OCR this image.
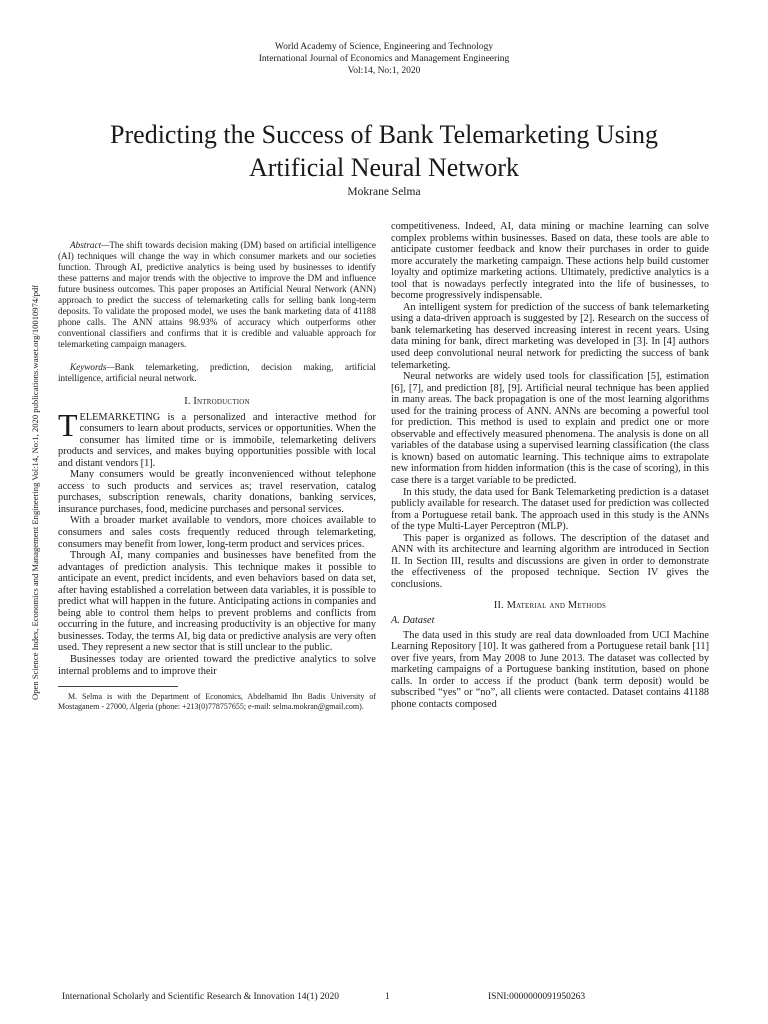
World Academy of Science, Engineering and Technology
International Journal of Economics and Management Engineering
Vol:14, No:1, 2020
Predicting the Success of Bank Telemarketing Using
Artificial Neural Network
Mokrane Selma
Open Science Index, Economics and Management Engineering Vol:14, No:1, 2020 publications.waset.org/10010974/pdf

Abstract—The shift towards decision making (DM) based on artificial intelligence (AI) techniques will change the way in which consumer markets and our societies function. Through AI, predictive analytics is being used by businesses to identify these patterns and major trends with the objective to improve the DM and influence future business outcomes. This paper proposes an Artificial Neural Network (ANN) approach to predict the success of telemarketing calls for selling bank long-term deposits. To validate the proposed model, we uses the bank marketing data of 41188 phone calls. The ANN attains 98.93% of accuracy which outperforms other conventional classifiers and confirms that it is credible and valuable approach for telemarketing campaign managers.

Keywords—Bank telemarketing, prediction, decision making, artificial intelligence, artificial neural network.

I. Introduction

TELEMARKETING is a personalized and interactive method for consumers to learn about products, services or opportunities. When the consumer has limited time or is immobile, telemarketing delivers products and services, and makes buying opportunities possible with local and distant vendors [1].

Many consumers would be greatly inconvenienced without telephone access to such products and services as; travel reservation, catalog purchases, subscription renewals, charity donations, banking services, insurance purchases, food, medicine purchases and personal services.

With a broader market available to vendors, more choices available to consumers and sales costs frequently reduced through telemarketing, consumers may benefit from lower, long-term product and services prices.

Through AI, many companies and businesses have benefited from the advantages of prediction analysis. This technique makes it possible to anticipate an event, predict incidents, and even behaviors based on data set, after having established a correlation between data variables, it is possible to predict what will happen in the future. Anticipating actions in companies and being able to control them helps to prevent problems and conflicts from occurring in the future, and increasing productivity is an objective for many businesses. Today, the terms AI, big data or predictive analysis are very often used. They represent a new sector that is still unclear to the public.

Businesses today are oriented toward the predictive analytics to solve internal problems and to improve their

M. Selma is with the Department of Economics, Abdelhamid Ibn Badis University of Mostaganem - 27000, Algeria (phone: +213(0)778757655; e-mail: selma.mokran@gmail.com).

competitiveness. Indeed, AI, data mining or machine learning can solve complex problems within businesses. Based on data, these tools are able to anticipate customer feedback and know their purchases in order to guide more accurately the marketing campaign. These actions help build customer loyalty and optimize marketing actions. Ultimately, predictive analytics is a tool that is nowadays perfectly integrated into the life of businesses, to become progressively indispensable.

An intelligent system for prediction of the success of bank telemarketing using a data-driven approach is suggested by [2]. Research on the success of bank telemarketing has deserved increasing interest in recent years. Using data mining for bank, direct marketing was developed in [3]. In [4] authors used deep convolutional neural network for predicting the success of bank telemarketing.

Neural networks are widely used tools for classification [5], estimation [6], [7], and prediction [8], [9]. Artificial neural technique has been applied in many areas. The back propagation is one of the most learning algorithms used for the training process of ANN. ANNs are becoming a powerful tool for prediction. This method is used to explain and predict one or more observable and effectively measured phenomena. The analysis is done on all variables of the database using a supervised learning classification (the class is known) based on automatic learning. This technique aims to extrapolate new information from hidden information (this is the case of scoring), in this case there is a target variable to be predicted.

In this study, the data used for Bank Telemarketing prediction is a dataset publicly available for research. The dataset used for prediction was collected from a Portuguese retail bank. The approach used in this study is the ANNs of the type Multi-Layer Perceptron (MLP).

This paper is organized as follows. The description of the dataset and ANN with its architecture and learning algorithm are introduced in Section II. In Section III, results and discussions are given in order to demonstrate the effectiveness of the proposed technique. Section IV gives the conclusions.

II. Material and Methods
A. Dataset

The data used in this study are real data downloaded from UCI Machine Learning Repository [10]. It was gathered from a Portuguese retail bank [11] over five years, from May 2008 to June 2013. The dataset was collected by marketing campaigns of a Portuguese banking institution, based on phone calls. In order to access if the product (bank term deposit) would be subscribed “yes” or “no”, all clients were contacted. Dataset contains 41188 phone contacts composed

International Scholarly and Scientific Research & Innovation 14(1) 2020	1	ISNI:0000000091950263
